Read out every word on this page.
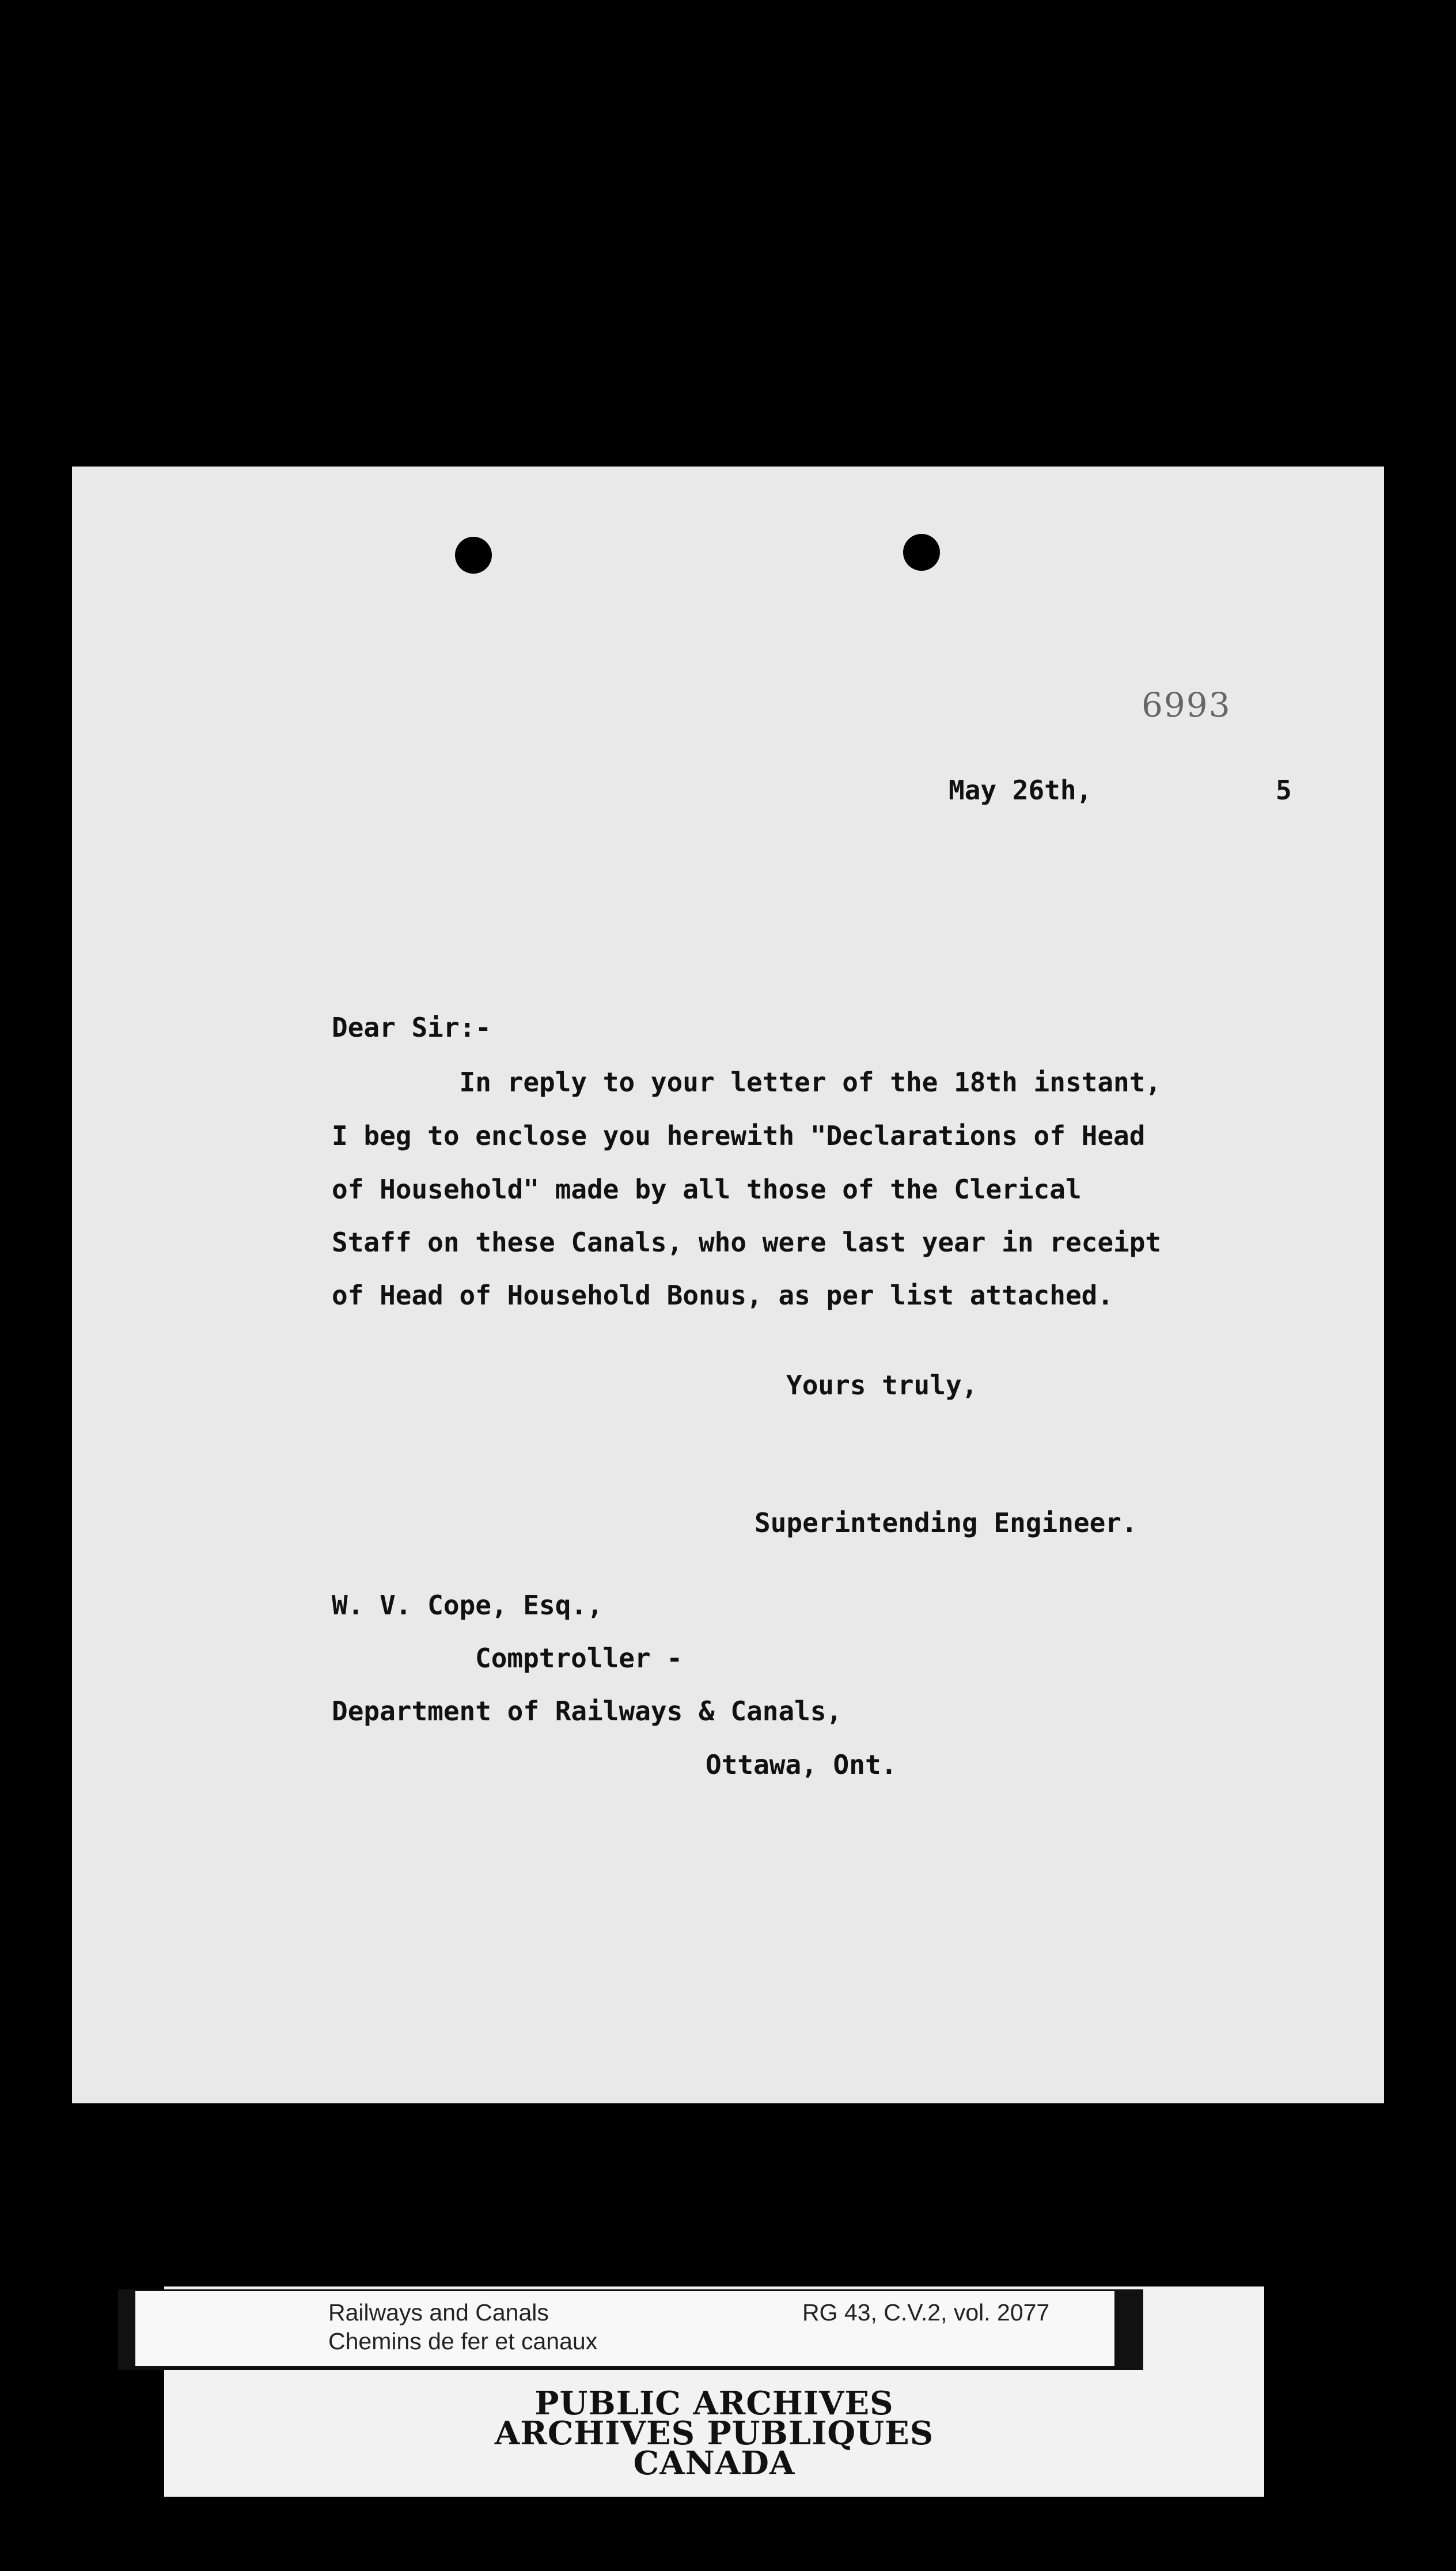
6993
May 26th,	5
Dear Sir:-
In reply to your letter of the 18th instant,
I beg to enclose you herewith "Declarations of Head
of Household" made by all those of the Clerical
Staff on these Canals, who were last year in receipt
of Head of Household Bonus, as per list attached.
Yours truly,
Superintending Engineer.
W. V. Cope, Esq.,
Comptroller -
Department of Railways & Canals,
Ottawa, Ont.
Railways and Canals
Chemins de fer et canaux
RG 43, C.V.2, vol. 2077
PUBLIC ARCHIVES
ARCHIVES PUBLIQUES
CANADA
